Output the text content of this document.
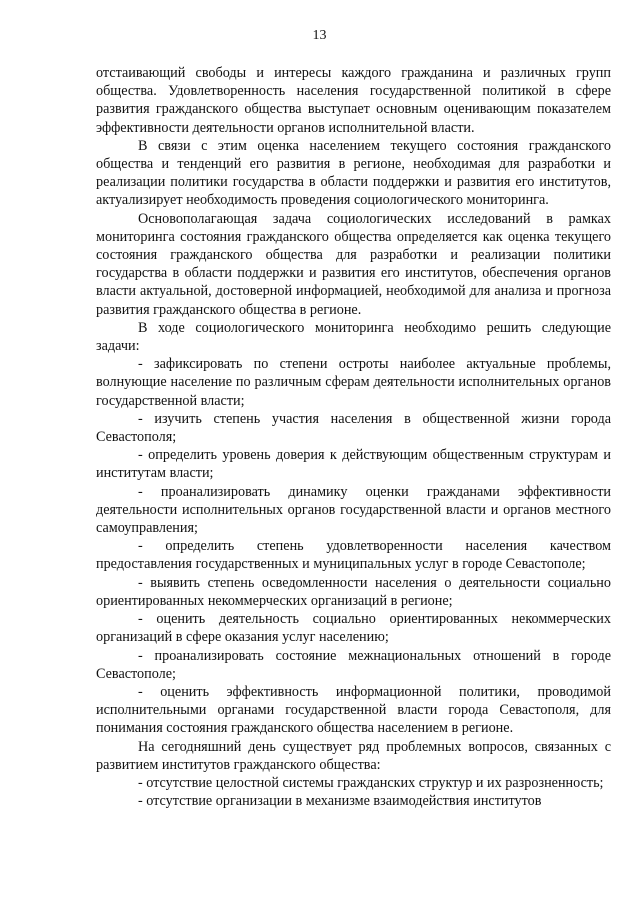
13

отстаивающий свободы и интересы каждого гражданина и различных групп общества. Удовлетворенность населения государственной политикой в сфере развития гражданского общества выступает основным оценивающим показателем эффективности деятельности органов исполнительной власти.

В связи с этим оценка населением текущего состояния гражданского общества и тенденций его развития в регионе, необходимая для разработки и реализации политики государства в области поддержки и развития его институтов, актуализирует необходимость проведения социологического мониторинга.

Основополагающая задача социологических исследований в рамках мониторинга состояния гражданского общества определяется как оценка текущего состояния гражданского общества для разработки и реализации политики государства в области поддержки и развития его институтов, обеспечения органов власти актуальной, достоверной информацией, необходимой для анализа и прогноза развития гражданского общества в регионе.

В ходе социологического мониторинга необходимо решить следующие задачи:

- зафиксировать по степени остроты наиболее актуальные проблемы, волнующие население по различным сферам деятельности исполнительных органов государственной власти;

- изучить степень участия населения в общественной жизни города Севастополя;

- определить уровень доверия к действующим общественным структурам и институтам власти;

- проанализировать динамику оценки гражданами эффективности деятельности исполнительных органов государственной власти и органов местного самоуправления;

- определить степень удовлетворенности населения качеством предоставления государственных и муниципальных услуг в городе Севастополе;

- выявить степень осведомленности населения о деятельности социально ориентированных некоммерческих организаций в регионе;

- оценить деятельность социально ориентированных некоммерческих организаций в сфере оказания услуг населению;

- проанализировать состояние межнациональных отношений в городе Севастополе;

- оценить эффективность информационной политики, проводимой исполнительными органами государственной власти города Севастополя, для понимания состояния гражданского общества населением в регионе.

На сегодняшний день существует ряд проблемных вопросов, связанных с развитием институтов гражданского общества:

- отсутствие целостной системы гражданских структур и их разрозненность;

- отсутствие организации в механизме взаимодействия институтов
